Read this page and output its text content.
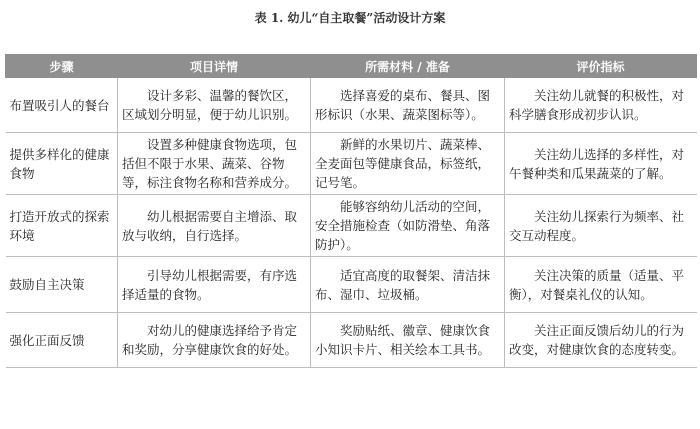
表 1. 幼儿“自主取餐”活动设计方案
步骤	项目详情	所需材料 / 准备	评价指标
布置吸引人的餐台	设计多彩、温馨的餐饮区，区域划分明显，便于幼儿识别。	选择喜爱的桌布、餐具、图形标识（水果、蔬菜图标等）。	关注幼儿就餐的积极性，对科学膳食形成初步认识。
提供多样化的健康食物	设置多种健康食物选项，包括但不限于水果、蔬菜、谷物等，标注食物名称和营养成分。	新鲜的水果切片、蔬菜棒、全麦面包等健康食品，标签纸，记号笔。	关注幼儿选择的多样性，对午餐种类和瓜果蔬菜的了解。
打造开放式的探索环境	幼儿根据需要自主增添、取放与收纳，自行选择。	能够容纳幼儿活动的空间，安全措施检查（如防滑垫、角落防护）。	关注幼儿探索行为频率、社交互动程度。
鼓励自主决策	引导幼儿根据需要，有序选择适量的食物。	适宜高度的取餐架、清洁抹布、湿巾、垃圾桶。	关注决策的质量（适量、平衡），对餐桌礼仪的认知。
强化正面反馈	对幼儿的健康选择给予肯定和奖励，分享健康饮食的好处。	奖励贴纸、徽章、健康饮食小知识卡片、相关绘本工具书。	关注正面反馈后幼儿的行为改变，对健康饮食的态度转变。
